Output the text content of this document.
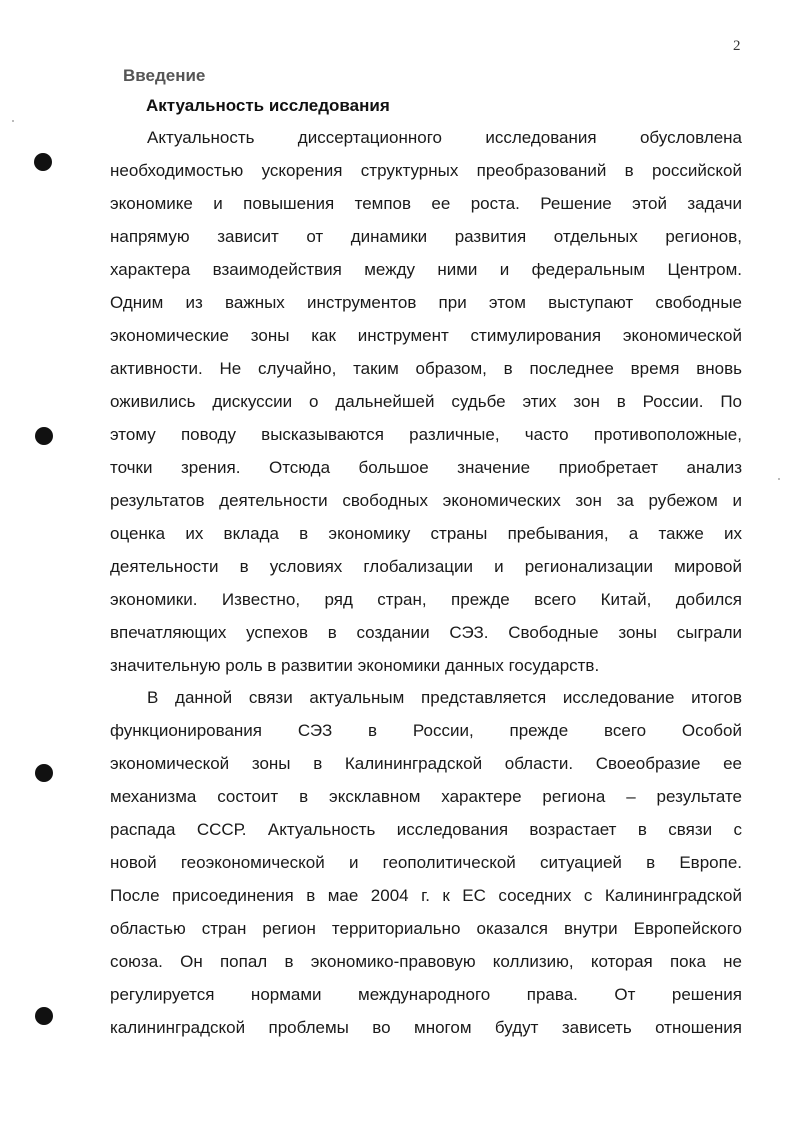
2
Введение
Актуальность исследования
Актуальность диссертационного исследования обусловлена
необходимостью ускорения структурных преобразований в российской
экономике и повышения темпов ее роста. Решение этой задачи
напрямую зависит от динамики развития отдельных регионов,
характера взаимодействия между ними и федеральным Центром.
Одним из важных инструментов при этом выступают свободные
экономические зоны как инструмент стимулирования экономической
активности. Не случайно, таким образом, в последнее время вновь
оживились дискуссии о дальнейшей судьбе этих зон в России. По
этому поводу высказываются различные, часто противоположные,
точки зрения. Отсюда большое значение приобретает анализ
результатов деятельности свободных экономических зон за рубежом и
оценка их вклада в экономику страны пребывания, а также их
деятельности в условиях глобализации и регионализации мировой
экономики. Известно, ряд стран, прежде всего Китай, добился
впечатляющих успехов в создании СЭЗ. Свободные зоны сыграли
значительную роль в развитии экономики данных государств.
В данной связи актуальным представляется исследование итогов
функционирования СЭЗ в России, прежде всего Особой
экономической зоны в Калининградской области. Своеобразие ее
механизма состоит в эксклавном характере региона – результате
распада СССР. Актуальность исследования возрастает в связи с
новой геоэкономической и геополитической ситуацией в Европе.
После присоединения в мае 2004 г. к ЕС соседних с Калининградской
областью стран регион территориально оказался внутри Европейского
союза. Он попал в экономико-правовую коллизию, которая пока не
регулируется нормами международного права. От решения
калининградской проблемы во многом будут зависеть отношения
